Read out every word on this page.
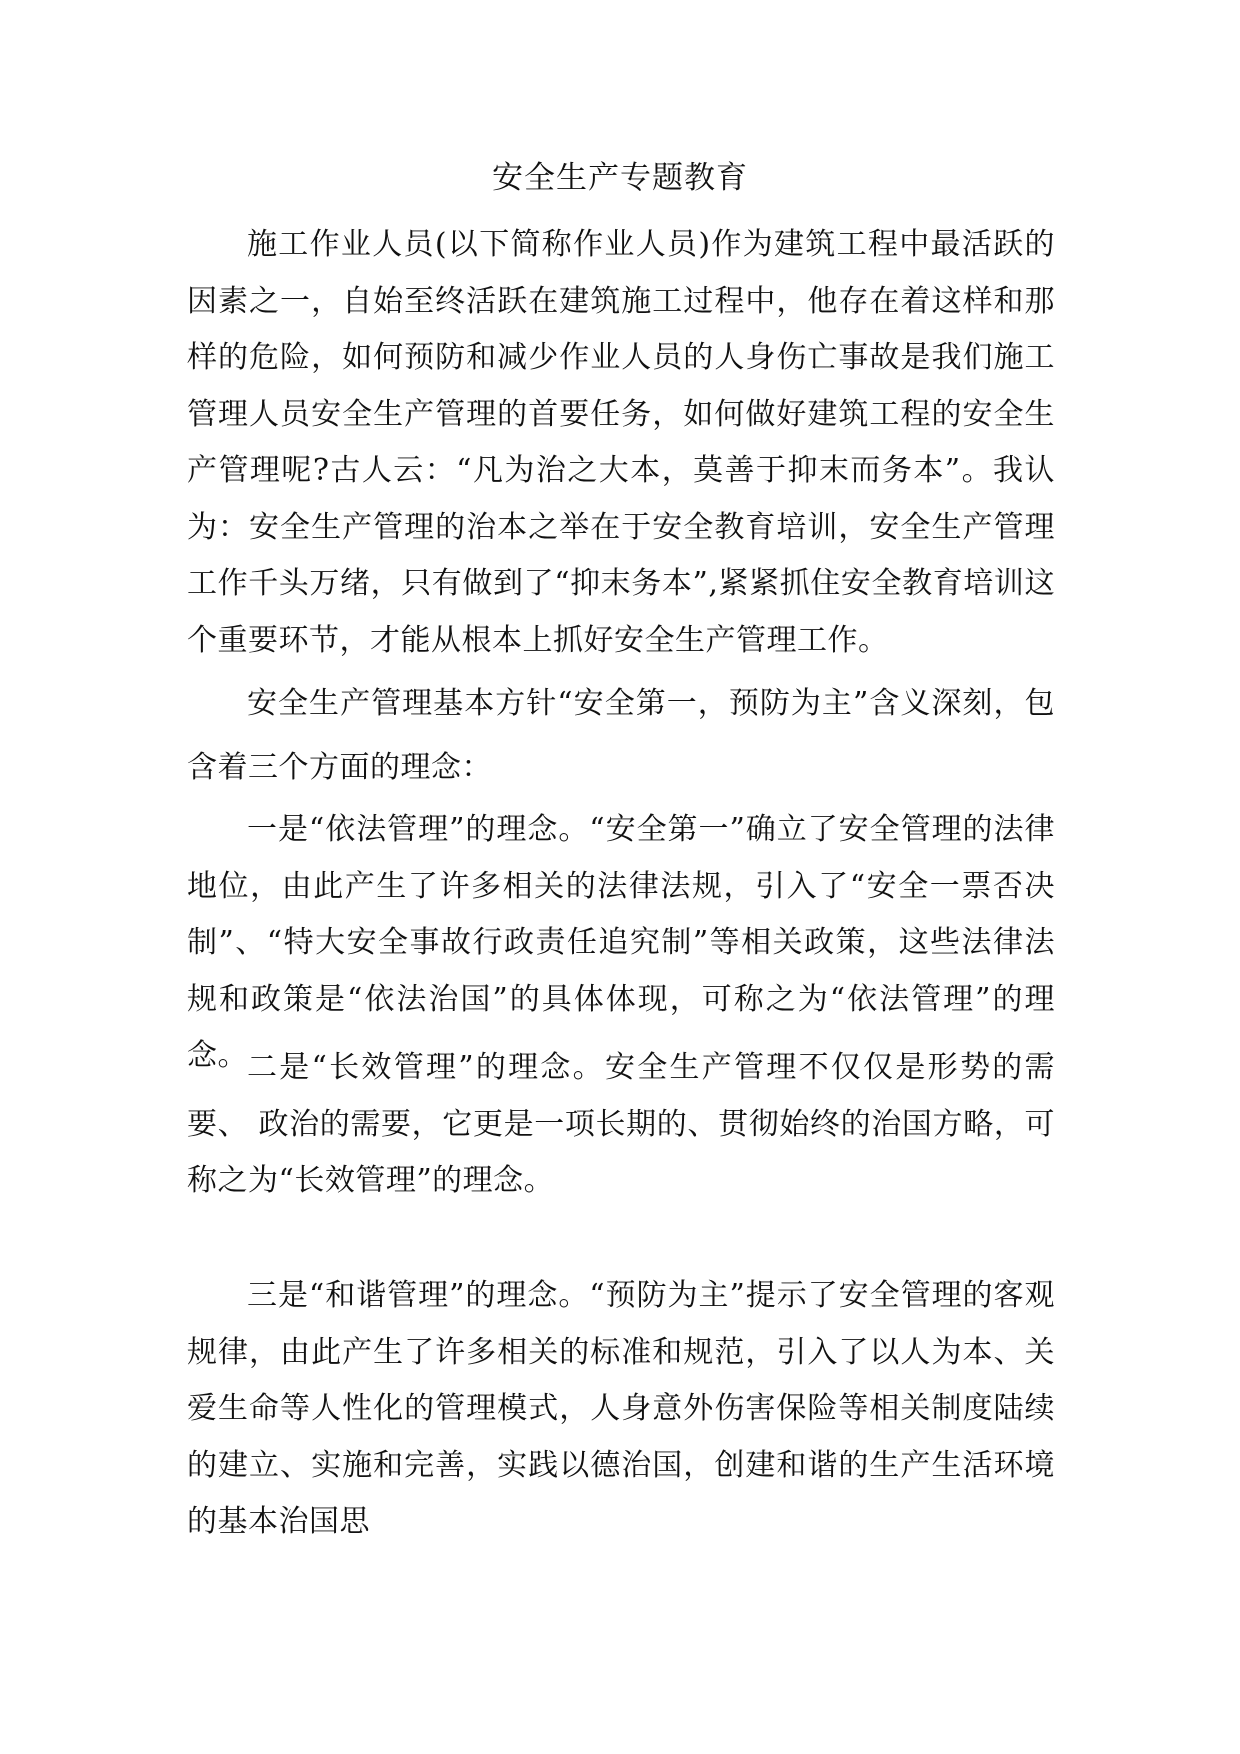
安全生产专题教育

施工作业人员(以下简称作业人员)作为建筑工程中最活跃的因素之一，自始至终活跃在建筑施工过程中，他存在着这样和那样的危险，如何预防和减少作业人员的人身伤亡事故是我们施工管理人员安全生产管理的首要任务，如何做好建筑工程的安全生产管理呢?古人云：“凡为治之大本，莫善于抑末而务本”。我认为：安全生产管理的治本之举在于安全教育培训，安全生产管理工作千头万绪，只有做到了“抑末务本”,紧紧抓住安全教育培训这个重要环节，才能从根本上抓好安全生产管理工作。

安全生产管理基本方针“安全第一，预防为主”含义深刻，包含着三个方面的理念：

一是“依法管理”的理念。“安全第一”确立了安全管理的法律地位，由此产生了许多相关的法律法规，引入了“安全一票否决制”、“特大安全事故行政责任追究制”等相关政策，这些法律法规和政策是“依法治国”的具体体现，可称之为“依法管理”的理念。 二是“长效管理”的理念。安全生产管理不仅仅是形势的需要、 政治的需要，它更是一项长期的、贯彻始终的治国方略，可称之为“长效管理”的理念。

三是“和谐管理”的理念。“预防为主”提示了安全管理的客观规律，由此产生了许多相关的标准和规范，引入了以人为本、关爱生命等人性化的管理模式，人身意外伤害保险等相关制度陆续的建立、实施和完善，实践以德治国，创建和谐的生产生活环境的基本治国思
